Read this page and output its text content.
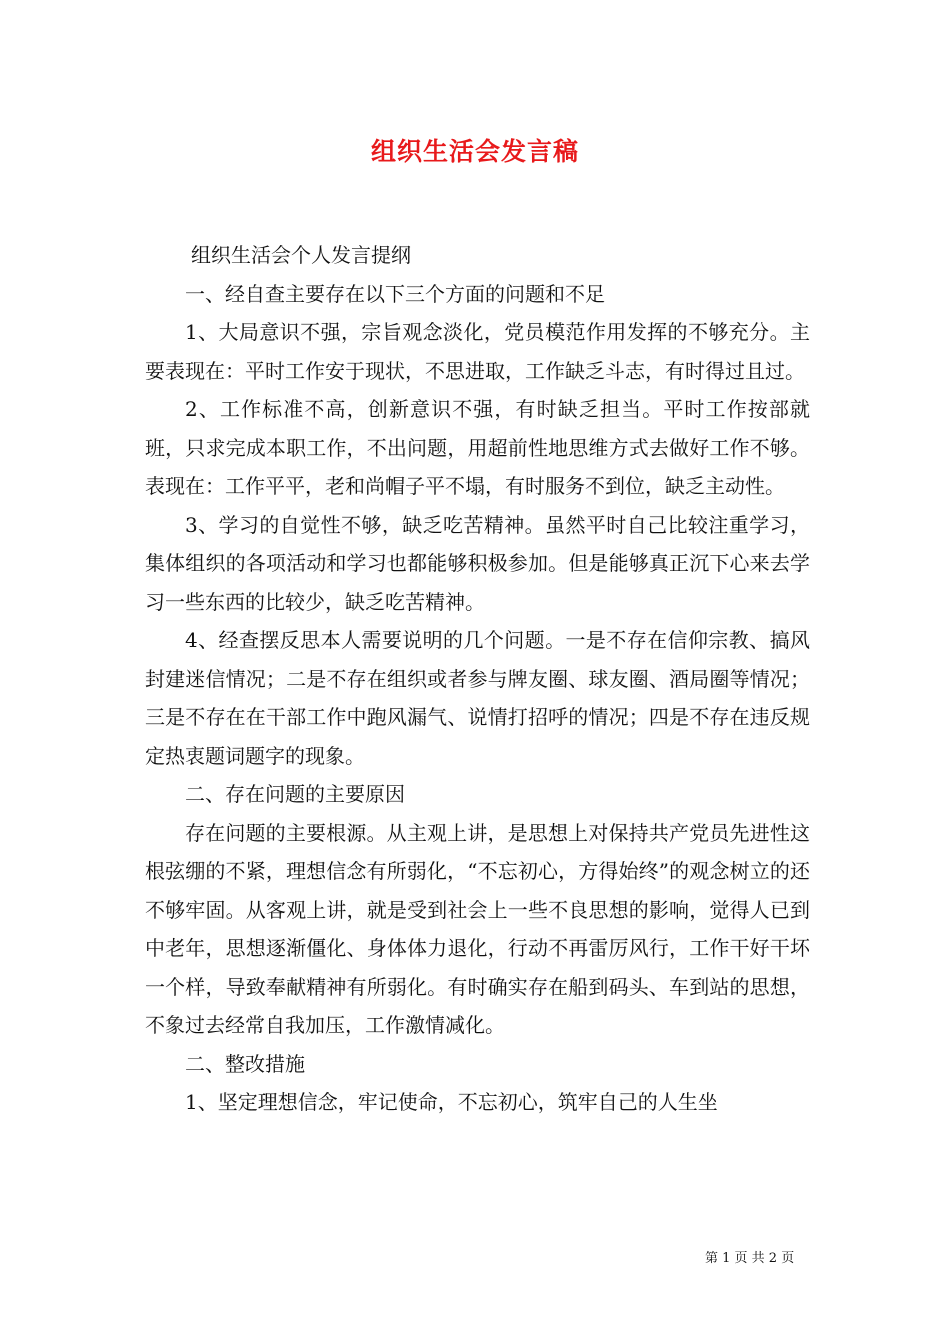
组织生活会发言稿

组织生活会个人发言提纲

一、经自查主要存在以下三个方面的问题和不足

1、大局意识不强，宗旨观念淡化，党员模范作用发挥的不够充分。主要表现在：平时工作安于现状，不思进取，工作缺乏斗志，有时得过且过。

2、工作标准不高，创新意识不强，有时缺乏担当。平时工作按部就班，只求完成本职工作，不出问题，用超前性地思维方式去做好工作不够。表现在：工作平平，老和尚帽子平不塌，有时服务不到位，缺乏主动性。

3、学习的自觉性不够，缺乏吃苦精神。虽然平时自己比较注重学习，集体组织的各项活动和学习也都能够积极参加。但是能够真正沉下心来去学习一些东西的比较少，缺乏吃苦精神。

4、经查摆反思本人需要说明的几个问题。一是不存在信仰宗教、搞风封建迷信情况；二是不存在组织或者参与牌友圈、球友圈、酒局圈等情况；三是不存在在干部工作中跑风漏气、说情打招呼的情况；四是不存在违反规定热衷题词题字的现象。

二、存在问题的主要原因

存在问题的主要根源。从主观上讲，是思想上对保持共产党员先进性这根弦绷的不紧，理想信念有所弱化，“不忘初心，方得始终”的观念树立的还不够牢固。从客观上讲，就是受到社会上一些不良思想的影响，觉得人已到中老年，思想逐渐僵化、身体体力退化，行动不再雷厉风行，工作干好干坏一个样，导致奉献精神有所弱化。有时确实存在船到码头、车到站的思想，不象过去经常自我加压，工作激情减化。

二、整改措施

1、坚定理想信念，牢记使命，不忘初心，筑牢自己的人生坐

第 1 页 共 2 页
